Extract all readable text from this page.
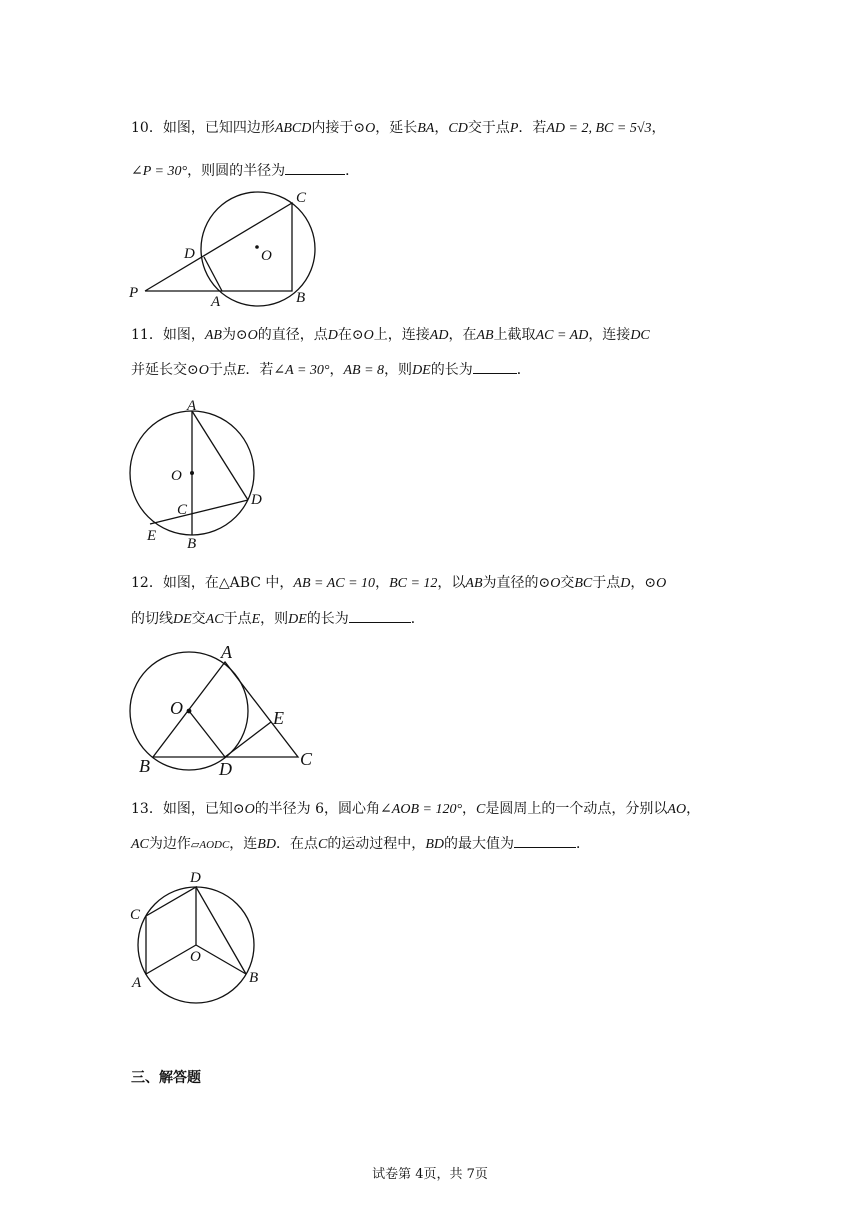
10．如图，已知四边形ABCD内接于⊙O，延长BA，CD交于点P．若AD = 2, BC = 5√3，
∠P = 30°，则圆的半径为	．
C
D	O
P
A	B
11．如图，AB为⊙O的直径，点D在⊙O上，连接AD，在AB上截取AC = AD，连接DC
并延长交⊙O于点E．若∠A = 30°，AB = 8，则DE的长为	．
A
O
C
D
E B
12．如图，在△ABC 中，AB = AC = 10，BC = 12，以AB为直径的⊙O交BC于点D，⊙O
的切线DE交AC于点E，则DE的长为	．
A
O	E
B	D	C
13．如图，已知⊙O的半径为 6，圆心角∠AOB = 120°，C是圆周上的一个动点，分别以AO，
AC为边作▱AODC，连BD．在点C的运动过程中，BD的最大值为	．
D
C
O
A	B
三、解答题
试卷第 4页，共 7页
